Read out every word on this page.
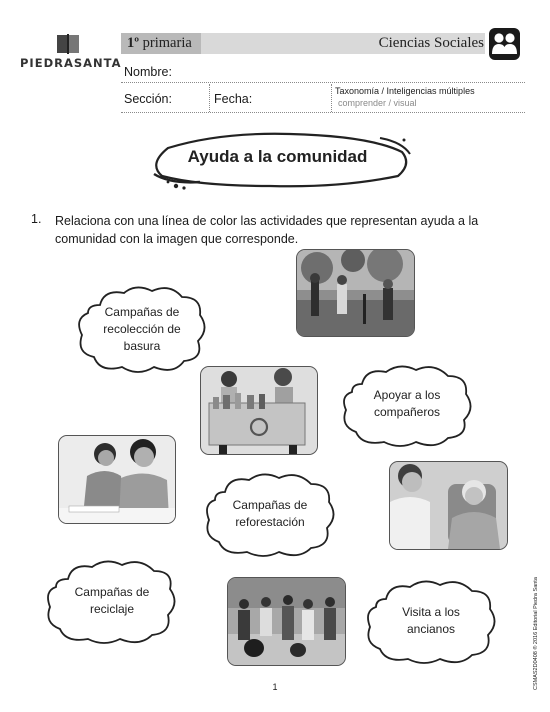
PIEDRASANTA
1º primaria	Ciencias Sociales
Nombre:
Sección:	Fecha:
Taxonomía / Inteligencias múltiples
comprender / visual
Ayuda a la comunidad
1. Relaciona con una línea de color las actividades que representan ayuda a la comunidad con la imagen que corresponde.
Campañas de
recolección de
basura
Apoyar a los
compañeros
Campañas de
reforestación
Campañas de
reciclaje	Visita a los
ancianos
1	CSMAS2D0408 ® 2016 Editorial Piedra Santa
